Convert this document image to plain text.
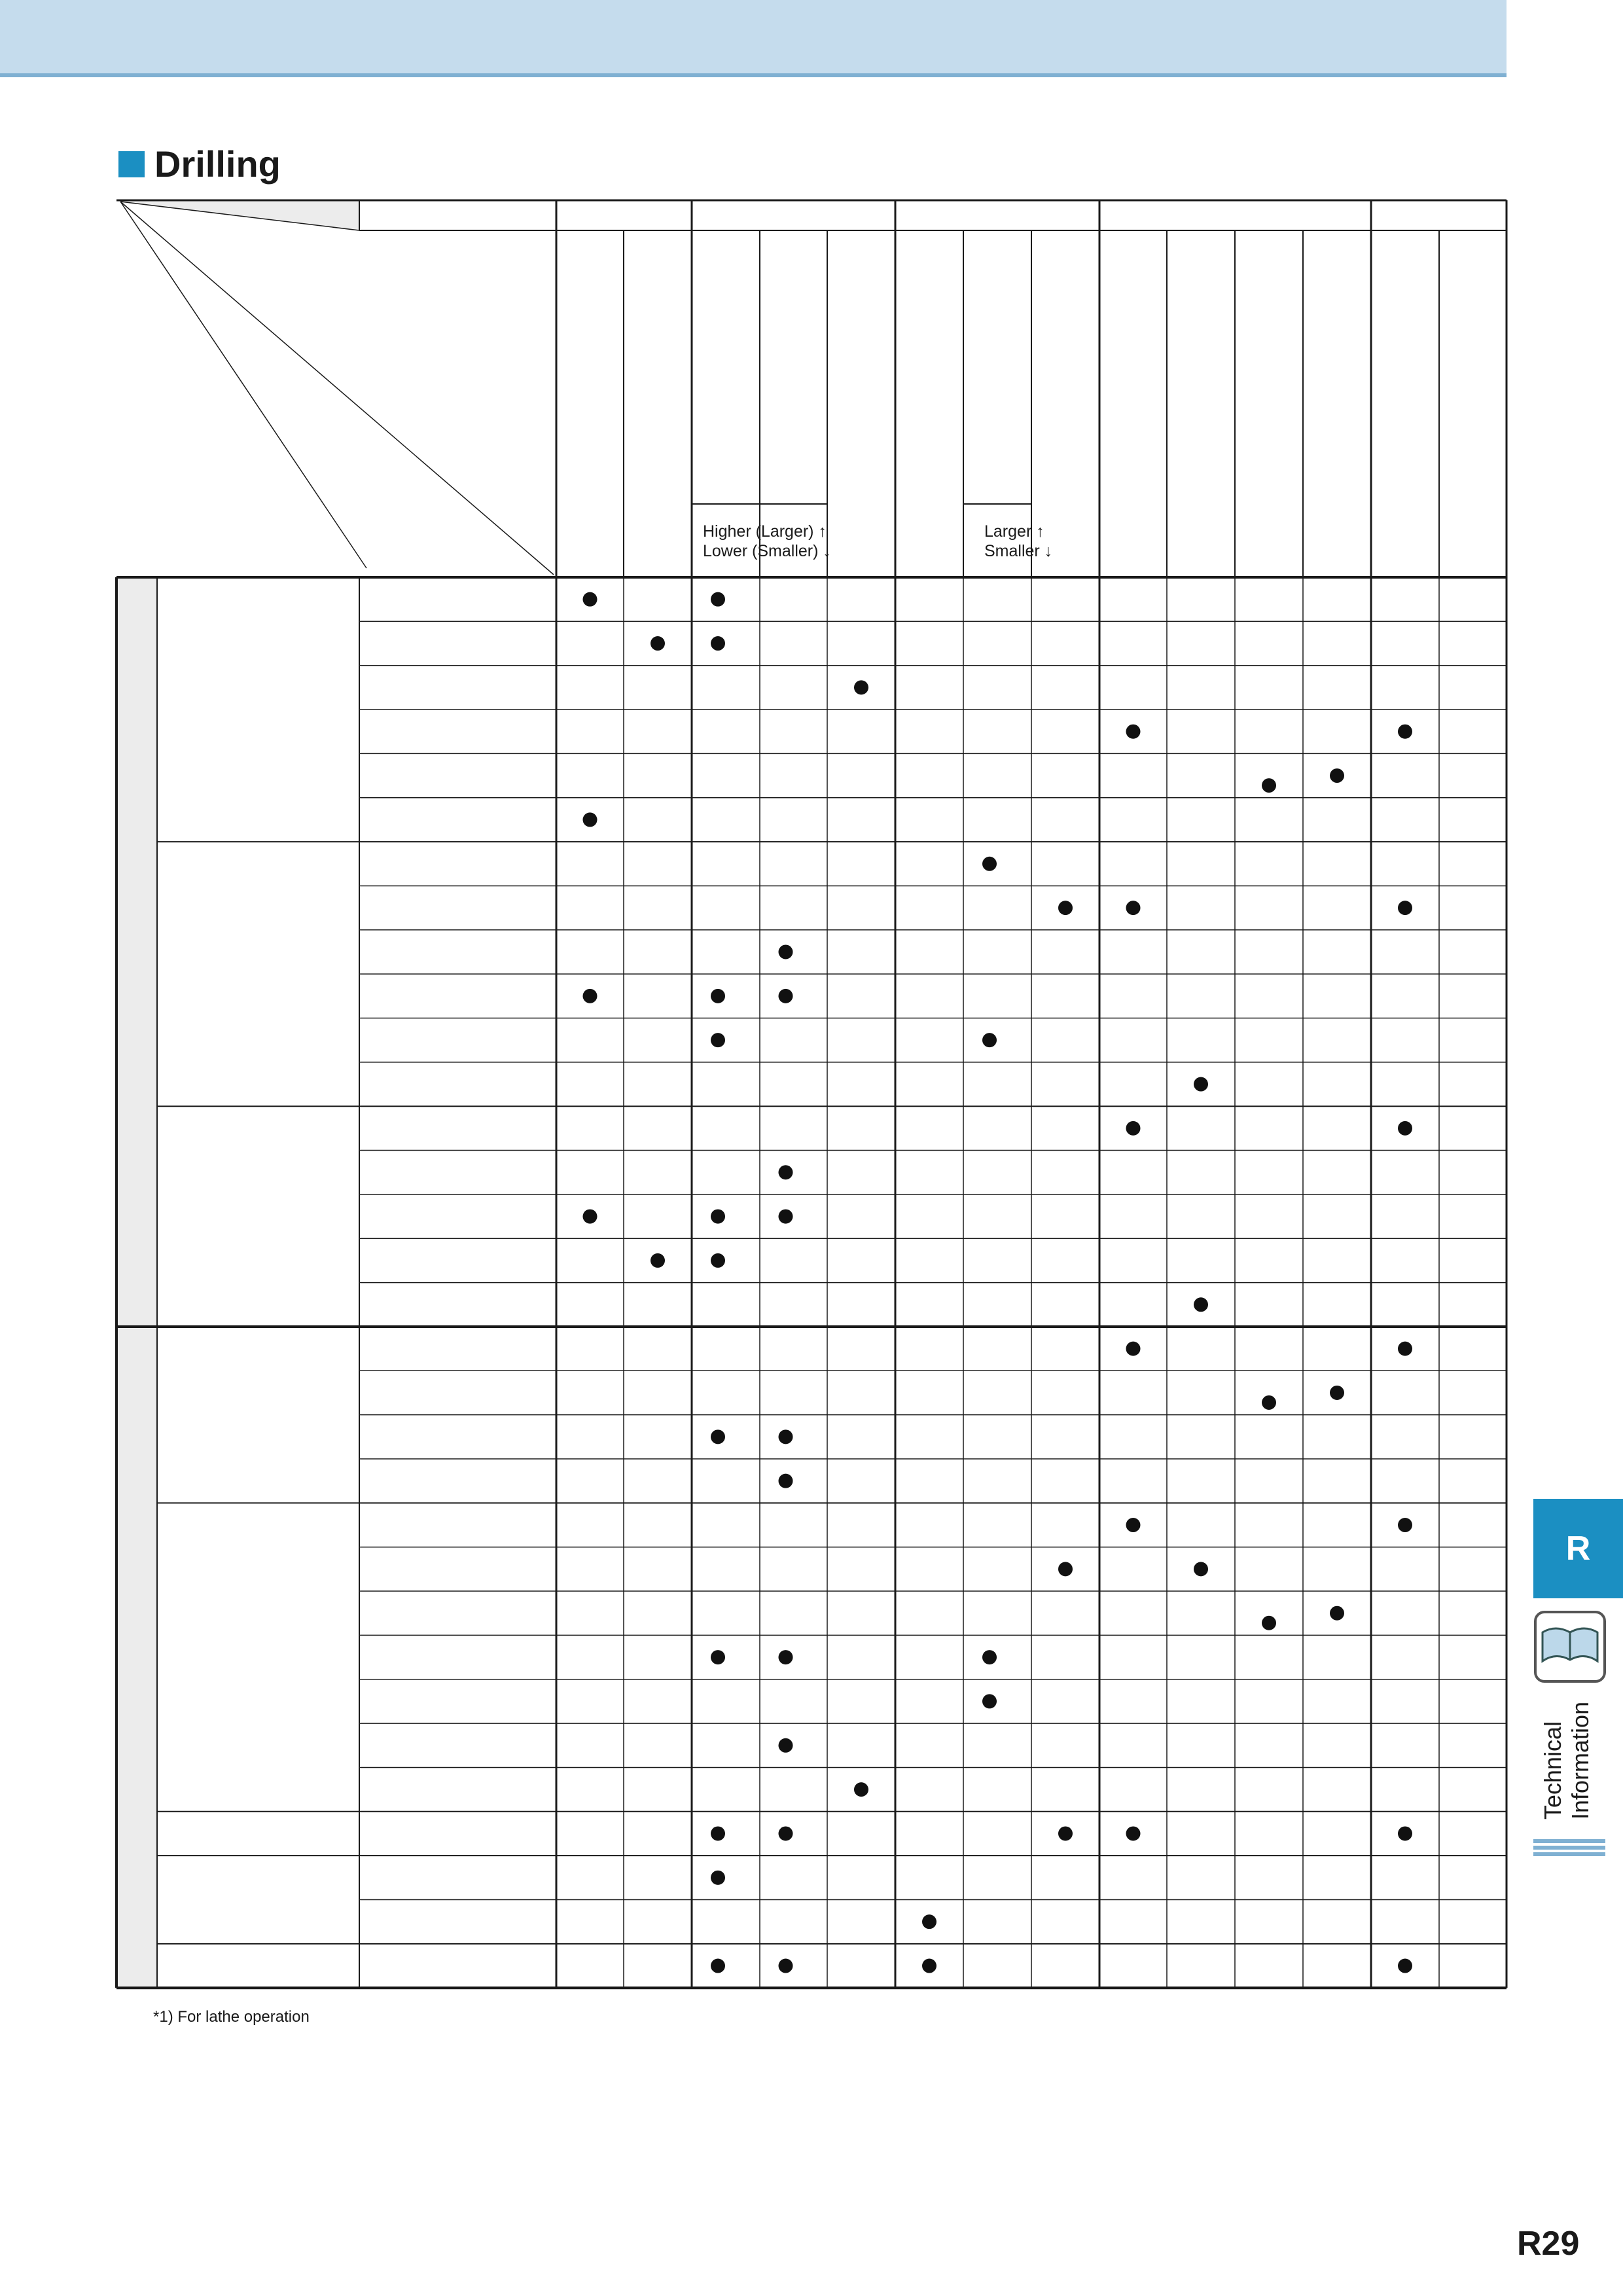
Drilling
Higher (Larger) ↑
Lower (Smaller) ↓
Larger ↑
Smaller ↓
*1) For lathe operation
R
Technical Information
R29
